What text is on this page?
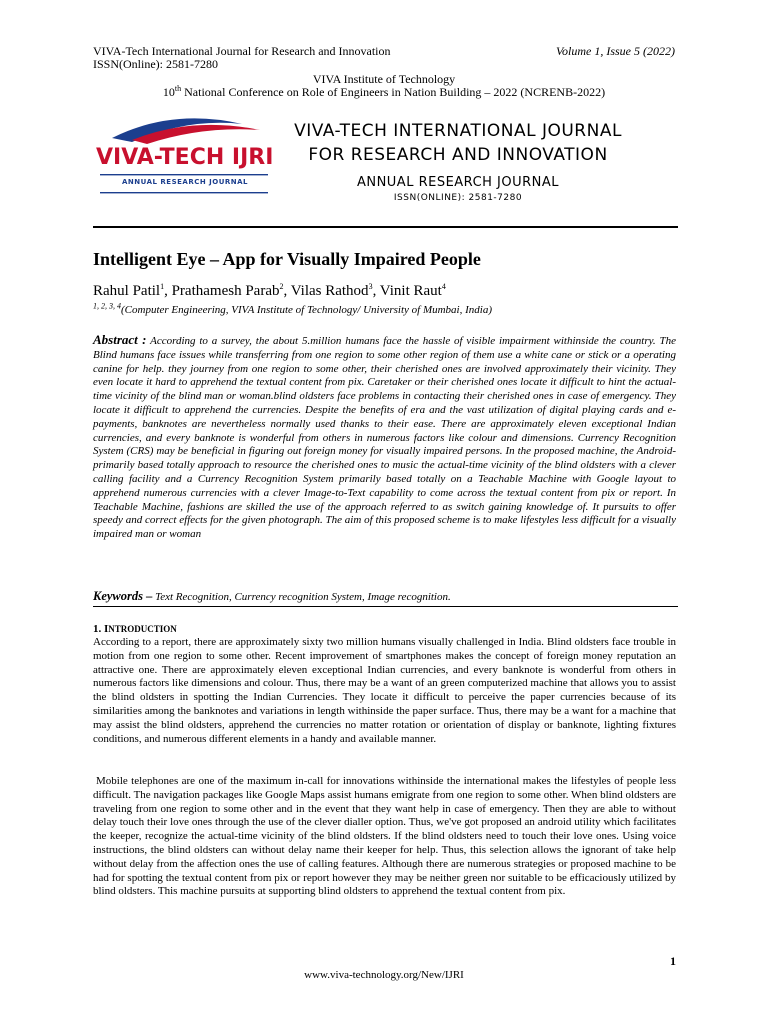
VIVA-Tech International Journal for Research and Innovation	Volume 1, Issue 5 (2022)
ISSN(Online): 2581-7280
VIVA Institute of Technology
10th National Conference on Role of Engineers in Nation Building – 2022 (NCRENB-2022)
VIVA-TECH IJRI
ANNUAL RESEARCH JOURNAL
VIVA-TECH INTERNATIONAL JOURNAL
FOR RESEARCH AND INNOVATION
ANNUAL RESEARCH JOURNAL
ISSN(ONLINE): 2581-7280
Intelligent Eye – App for Visually Impaired People
Rahul Patil$^1$, Prathamesh Parab$^2$, Vilas Rathod$^3$, Vinit Raut$^4$
$^{1, 2, 3, 4}$(Computer Engineering, VIVA Institute of Technology/ University of Mumbai, India)
Abstract : According to a survey, the about 5.million humans face the hassle of visible impairment withinside the country. The Blind humans face issues while transferring from one region to some other region of them use a white cane or stick or a operating canine for help. they journey from one region to some other, their cherished ones are involved approximately their vicinity. They even locate it hard to apprehend the textual content from pix. Caretaker or their cherished ones locate it difficult to hint the actual-time vicinity of the blind man or woman.blind oldsters face problems in contacting their cherished ones in case of emergency. They locate it difficult to apprehend the currencies. Despite the benefits of era and the vast utilization of digital playing cards and e-payments, banknotes are nevertheless normally used thanks to their ease. There are approximately eleven exceptional Indian currencies, and every banknote is wonderful from others in numerous factors like colour and dimensions. Currency Recognition System (CRS) may be beneficial in figuring out foreign money for visually impaired persons. In the proposed machine, the Android-primarily based totally approach to resource the cherished ones to music the actual-time vicinity of the blind oldsters with a clever calling facility and a Currency Recognition System primarily based totally on a Teachable Machine with Google layout to apprehend numerous currencies with a clever Image-to-Text capability to come across the textual content from pix or report. In Teachable Machine, fashions are skilled the use of the approach referred to as switch gaining knowledge of. It pursuits to offer speedy and correct effects for the given photograph. The aim of this proposed scheme is to make lifestyles less difficult for a visually impaired man or woman
Keywords – Text Recognition, Currency recognition System, Image recognition.
1. INTRODUCTION
According to a report, there are approximately sixty two million humans visually challenged in India. Blind oldsters face trouble in motion from one region to some other. Recent improvement of smartphones makes the concept of foreign money reputation an attractive one. There are approximately eleven exceptional Indian currencies, and every banknote is wonderful from others in numerous factors like dimensions and colour. Thus, there may be a want of an green computerized machine that allows you to assist the blind oldsters in spotting the Indian Currencies. They locate it difficult to perceive the paper currencies because of its similarities among the banknotes and variations in length withinside the paper surface. Thus, there may be a want for a machine that may assist the blind oldsters, apprehend the currencies no matter rotation or orientation of display or banknote, lighting fixtures conditions, and numerous different elements in a handy and available manner.
Mobile telephones are one of the maximum in-call for innovations withinside the international makes the lifestyles of people less difficult. The navigation packages like Google Maps assist humans emigrate from one region to some other. When blind oldsters are traveling from one region to some other and in the event that they want help in case of emergency. Then they are able to without delay touch their love ones through the use of the clever dialler option. Thus, we've got proposed an android utility which facilitates the keeper, recognize the actual-time vicinity of the blind oldsters. If the blind oldsters need to touch their love ones. Using voice instructions, the blind oldsters can without delay name their keeper for help. Thus, this selection allows the ignorant of take help without delay from the affection ones the use of calling features. Although there are numerous strategies or proposed machine to be had for spotting the textual content from pix or report however they may be neither green nor suitable to be efficaciously utilized by blind oldsters. This machine pursuits at supporting blind oldsters to apprehend the textual content from pix.
1
www.viva-technology.org/New/IJRI
